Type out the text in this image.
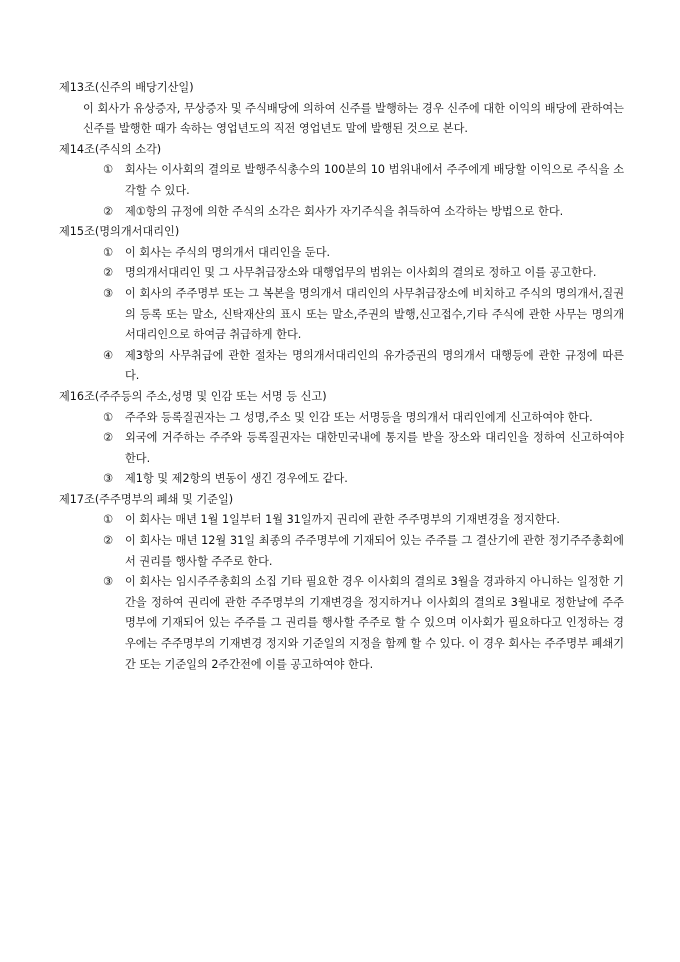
제13조(신주의 배당기산일)

이 회사가 유상증자, 무상증자 및 주식배당에 의하여 신주를 발행하는 경우 신주에 대한 이익의 배당에 관하여는 신주를 발행한 때가 속하는 영업년도의 직전 영업년도 말에 발행된 것으로 본다.

제14조(주식의 소각)
① 회사는 이사회의 결의로 발행주식총수의 100분의 10 범위내에서 주주에게 배당할 이익으로 주식을 소각할 수 있다.
② 제①항의 규정에 의한 주식의 소각은 회사가 자기주식을 취득하여 소각하는 방법으로 한다.
제15조(명의개서대리인)
① 이 회사는 주식의 명의개서 대리인을 둔다.
② 명의개서대리인 및 그 사무취급장소와 대행업무의 범위는 이사회의 결의로 정하고 이를 공고한다.
③ 이 회사의 주주명부 또는 그 복본을 명의개서 대리인의 사무취급장소에 비치하고 주식의 명의개서,질권의 등록 또는 말소, 신탁재산의 표시 또는 말소,주권의 발행,신고접수,기타 주식에 관한 사무는 명의개서대리인으로 하여금 취급하게 한다.
④ 제3항의 사무취급에 관한 절차는 명의개서대리인의 유가증권의 명의개서 대행등에 관한 규정에 따른다.
제16조(주주등의 주소,성명 및 인감 또는 서명 등 신고)
① 주주와 등록질권자는 그 성명,주소 및 인감 또는 서명등을 명의개서 대리인에게 신고하여야 한다.
② 외국에 거주하는 주주와 등록질권자는 대한민국내에 통지를 받을 장소와 대리인을 정하여 신고하여야 한다.
③ 제1항 및 제2항의 변동이 생긴 경우에도 같다.
제17조(주주명부의 폐쇄 및 기준일)
① 이 회사는 매년 1월 1일부터 1월 31일까지 권리에 관한 주주명부의 기재변경을 정지한다.
② 이 회사는 매년 12월 31일 최종의 주주명부에 기재되어 있는 주주를 그 결산기에 관한 정기주주총회에서 권리를 행사할 주주로 한다.
③ 이 회사는 임시주주총회의 소집 기타 필요한 경우 이사회의 결의로 3월을 경과하지 아니하는 일정한 기간을 정하여 권리에 관한 주주명부의 기재변경을 정지하거나 이사회의 결의로 3월내로 정한날에 주주명부에 기재되어 있는 주주를 그 권리를 행사할 주주로 할 수 있으며 이사회가 필요하다고 인정하는 경우에는 주주명부의 기재변경 정지와 기준일의 지정을 함께 할 수 있다. 이 경우 회사는 주주명부 폐쇄기간 또는 기준일의 2주간전에 이를 공고하여야 한다.
